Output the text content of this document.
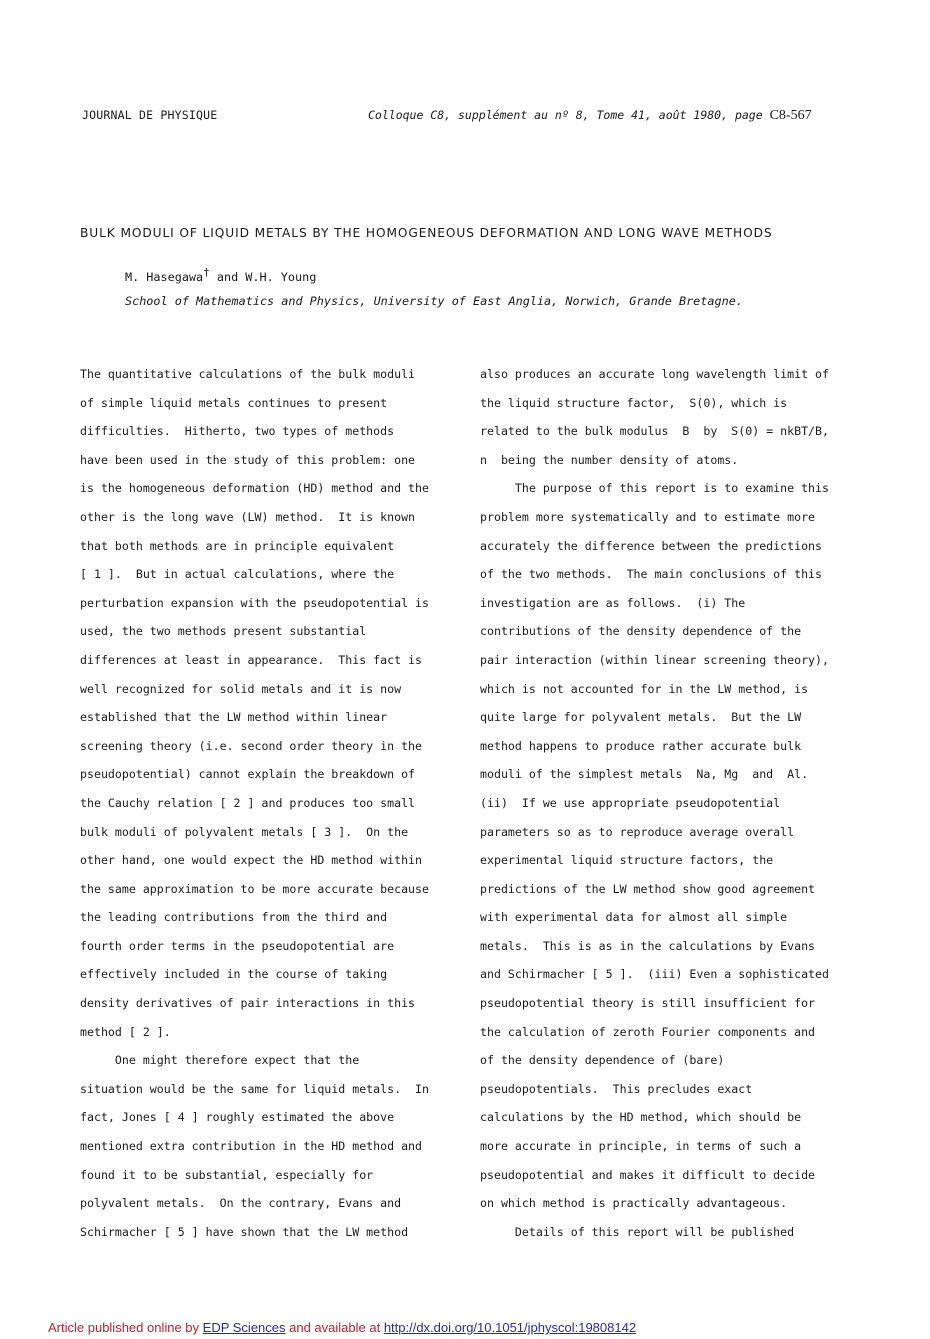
JOURNAL DE PHYSIQUE	Colloque C8, supplément au nº 8, Tome 41, août 1980, page C8-567
BULK MODULI OF LIQUID METALS BY THE HOMOGENEOUS DEFORMATION AND LONG WAVE METHODS
M. Hasegawa† and W.H. Young
School of Mathematics and Physics, University of East Anglia, Norwich, Grande Bretagne.
The quantitative calculations of the bulk moduli
of simple liquid metals continues to present
difficulties.  Hitherto, two types of methods
have been used in the study of this problem: one
is the homogeneous deformation (HD) method and the
other is the long wave (LW) method.  It is known
that both methods are in principle equivalent
[ 1 ].  But in actual calculations, where the
perturbation expansion with the pseudopotential is
used, the two methods present substantial
differences at least in appearance.  This fact is
well recognized for solid metals and it is now
established that the LW method within linear
screening theory (i.e. second order theory in the
pseudopotential) cannot explain the breakdown of
the Cauchy relation [ 2 ] and produces too small
bulk moduli of polyvalent metals [ 3 ].  On the
other hand, one would expect the HD method within
the same approximation to be more accurate because
the leading contributions from the third and
fourth order terms in the pseudopotential are
effectively included in the course of taking
density derivatives of pair interactions in this
method [ 2 ].
One might therefore expect that the
situation would be the same for liquid metals.  In
fact, Jones [ 4 ] roughly estimated the above
mentioned extra contribution in the HD method and
found it to be substantial, especially for
polyvalent metals.  On the contrary, Evans and
Schirmacher [ 5 ] have shown that the LW method
also produces an accurate long wavelength limit of
the liquid structure factor,  S(0), which is
related to the bulk modulus  B  by  S(0) = nkBT/B,
n  being the number density of atoms.
The purpose of this report is to examine this
problem more systematically and to estimate more
accurately the difference between the predictions
of the two methods.  The main conclusions of this
investigation are as follows.  (i) The
contributions of the density dependence of the
pair interaction (within linear screening theory),
which is not accounted for in the LW method, is
quite large for polyvalent metals.  But the LW
method happens to produce rather accurate bulk
moduli of the simplest metals  Na, Mg  and  Al.
(ii)  If we use appropriate pseudopotential
parameters so as to reproduce average overall
experimental liquid structure factors, the
predictions of the LW method show good agreement
with experimental data for almost all simple
metals.  This is as in the calculations by Evans
and Schirmacher [ 5 ].  (iii) Even a sophisticated
pseudopotential theory is still insufficient for
the calculation of zeroth Fourier components and
of the density dependence of (bare)
pseudopotentials.  This precludes exact
calculations by the HD method, which should be
more accurate in principle, in terms of such a
pseudopotential and makes it difficult to decide
on which method is practically advantageous.
Details of this report will be published
Article published online by EDP Sciences and available at http://dx.doi.org/10.1051/jphyscol:19808142
